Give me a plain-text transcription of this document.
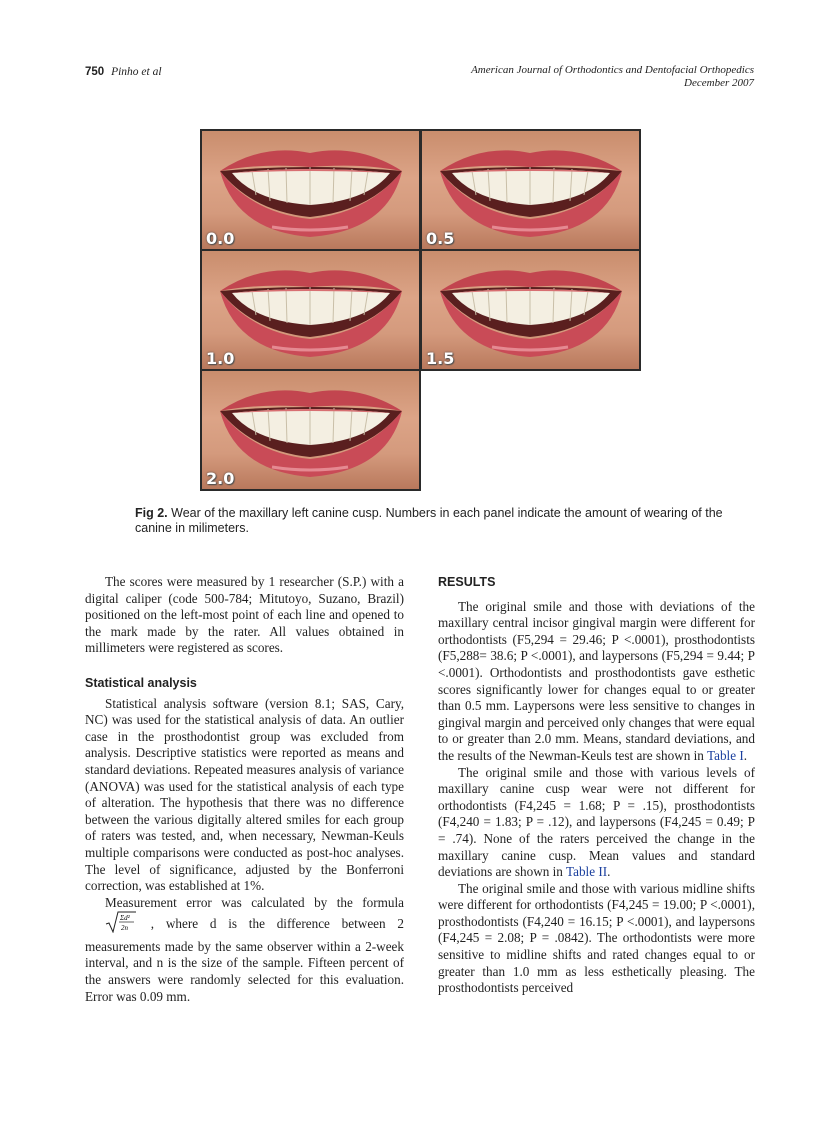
750 Pinho et al	American Journal of Orthodontics and Dentofacial Orthopedics
December 2007
0.0	0.5
1.0	1.5
2.0
Fig 2. Wear of the maxillary left canine cusp. Numbers in each panel indicate the amount of wearing of the canine in milimeters.

The scores were measured by 1 researcher (S.P.) with a digital caliper (code 500-784; Mitutoyo, Suzano, Brazil) positioned on the left-most point of each line and opened to the mark made by the rater. All values obtained in millimeters were registered as scores.

Statistical analysis

Statistical analysis software (version 8.1; SAS, Cary, NC) was used for the statistical analysis of data. An outlier case in the prosthodontist group was excluded from analysis. Descriptive statistics were reported as means and standard deviations. Repeated measures analysis of variance (ANOVA) was used for the statistical analysis of each type of alteration. The hypothesis that there was no difference between the various digitally altered smiles for each group of raters was tested, and, when necessary, Newman-Keuls multiple comparisons were conducted as post-hoc analyses. The level of significance, adjusted by the Bonferroni correction, was established at 1%.

Measurement error was calculated by the formula
Σd²
2n , where d is the difference between 2 measurements made by the same observer within a 2-week interval, and n is the size of the sample. Fifteen percent of the answers were randomly selected for this evaluation. Error was 0.09 mm.

RESULTS

The original smile and those with deviations of the maxillary central incisor gingival margin were different for orthodontists (F5,294 = 29.46; P <.0001), prosthodontists (F5,288= 38.6; P <.0001), and laypersons (F5,294 = 9.44; P <.0001). Orthodontists and prosthodontists gave esthetic scores significantly lower for changes equal to or greater than 0.5 mm. Laypersons were less sensitive to changes in gingival margin and perceived only changes that were equal to or greater than 2.0 mm. Means, standard deviations, and the results of the Newman-Keuls test are shown in Table I.

The original smile and those with various levels of maxillary canine cusp wear were not different for orthodontists (F4,245 = 1.68; P = .15), prosthodontists (F4,240 = 1.83; P = .12), and laypersons (F4,245 = 0.49; P = .74). None of the raters perceived the change in the maxillary canine cusp. Mean values and standard deviations are shown in Table II.

The original smile and those with various midline shifts were different for orthodontists (F4,245 = 19.00; P <.0001), prosthodontists (F4,240 = 16.15; P <.0001), and laypersons (F4,245 = 2.08; P = .0842). The orthodontists were more sensitive to midline shifts and rated changes equal to or greater than 1.0 mm as less esthetically pleasing. The prosthodontists perceived
